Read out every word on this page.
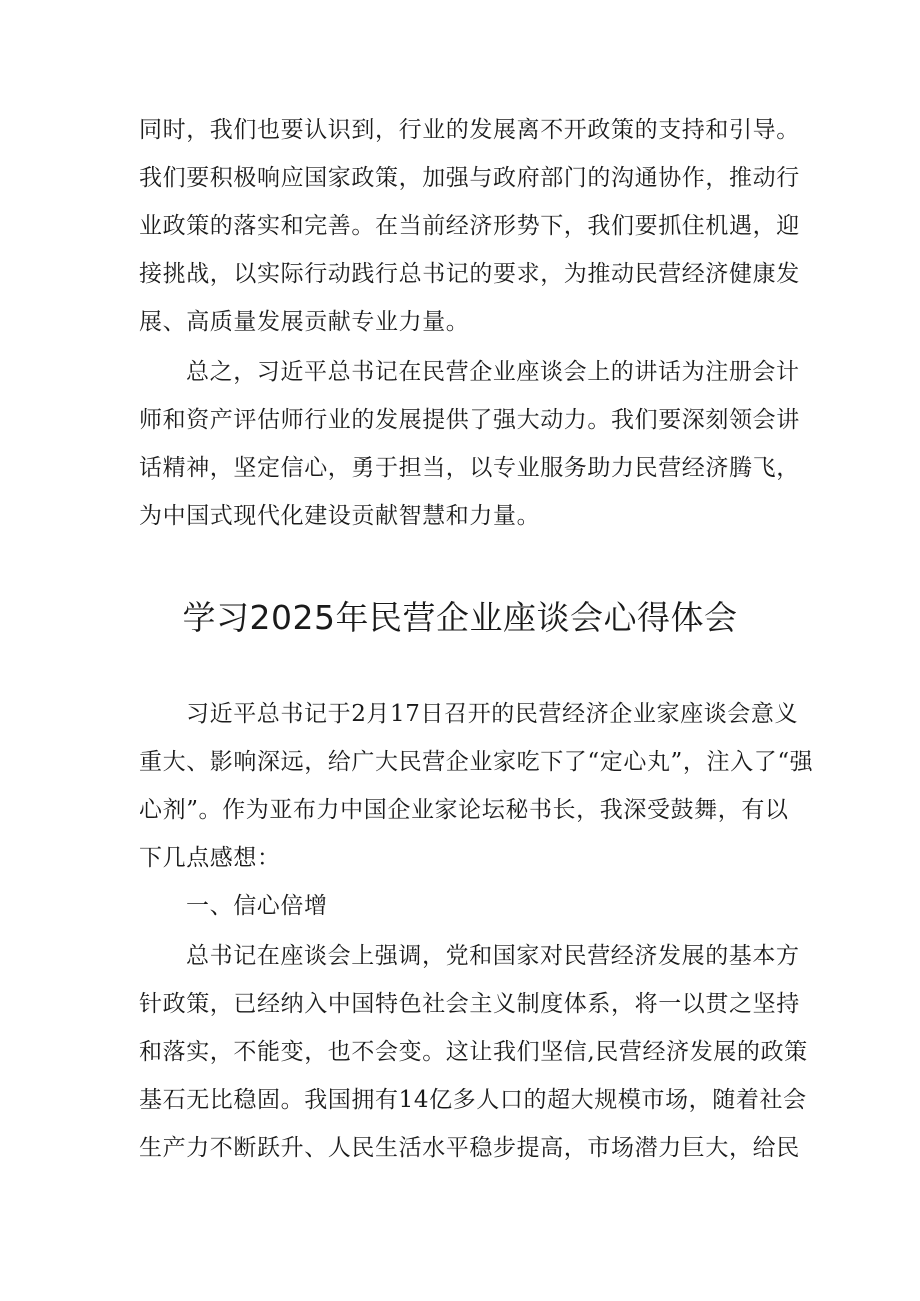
同时，我们也要认识到，行业的发展离不开政策的支持和引导。
我们要积极响应国家政策，加强与政府部门的沟通协作，推动行
业政策的落实和完善。在当前经济形势下，我们要抓住机遇，迎
接挑战，以实际行动践行总书记的要求，为推动民营经济健康发
展、高质量发展贡献专业力量。
总之，习近平总书记在民营企业座谈会上的讲话为注册会计
师和资产评估师行业的发展提供了强大动力。我们要深刻领会讲
话精神，坚定信心，勇于担当，以专业服务助力民营经济腾飞，
为中国式现代化建设贡献智慧和力量。
学习2025年民营企业座谈会心得体会
习近平总书记于2月17日召开的民营经济企业家座谈会意义
重大、影响深远，给广大民营企业家吃下了“定心丸”，注入了“强
心剂”。作为亚布力中国企业家论坛秘书长，我深受鼓舞，有以
下几点感想：
一、信心倍增
总书记在座谈会上强调，党和国家对民营经济发展的基本方
针政策，已经纳入中国特色社会主义制度体系，将一以贯之坚持
和落实，不能变，也不会变。这让我们坚信,民营经济发展的政策
基石无比稳固。我国拥有14亿多人口的超大规模市场，随着社会
生产力不断跃升、人民生活水平稳步提高，市场潜力巨大，给民
